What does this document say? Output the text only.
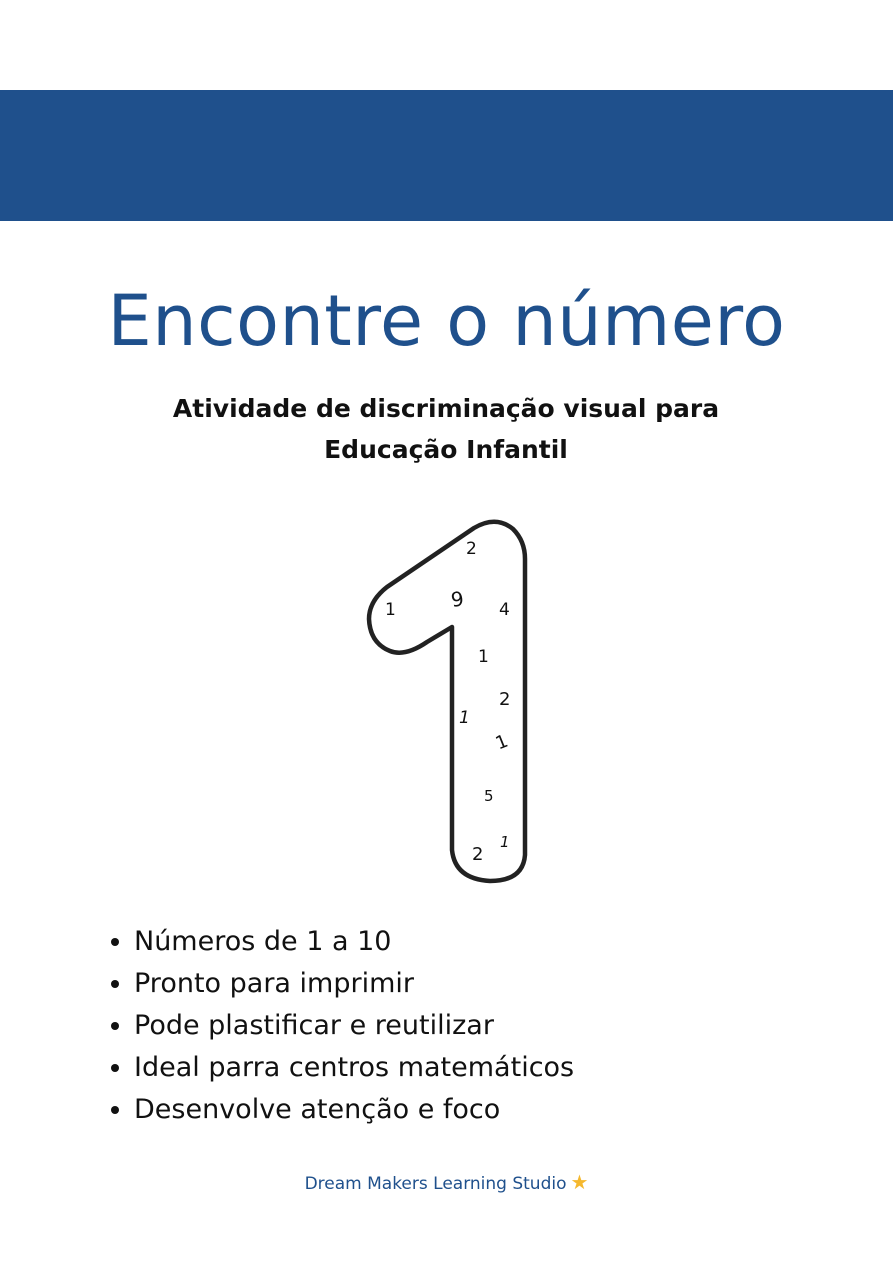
Encontre o número
Atividade de discriminação visual para
Educação Infantil
2
1	9 4
1
2
1
1
5
2
1
• Números de 1 a 10
• Pronto para imprimir
• Pode plastificar e reutilizar
• Ideal parra centros matemáticos
• Desenvolve atenção e foco
Dream Makers Learning Studio ★
